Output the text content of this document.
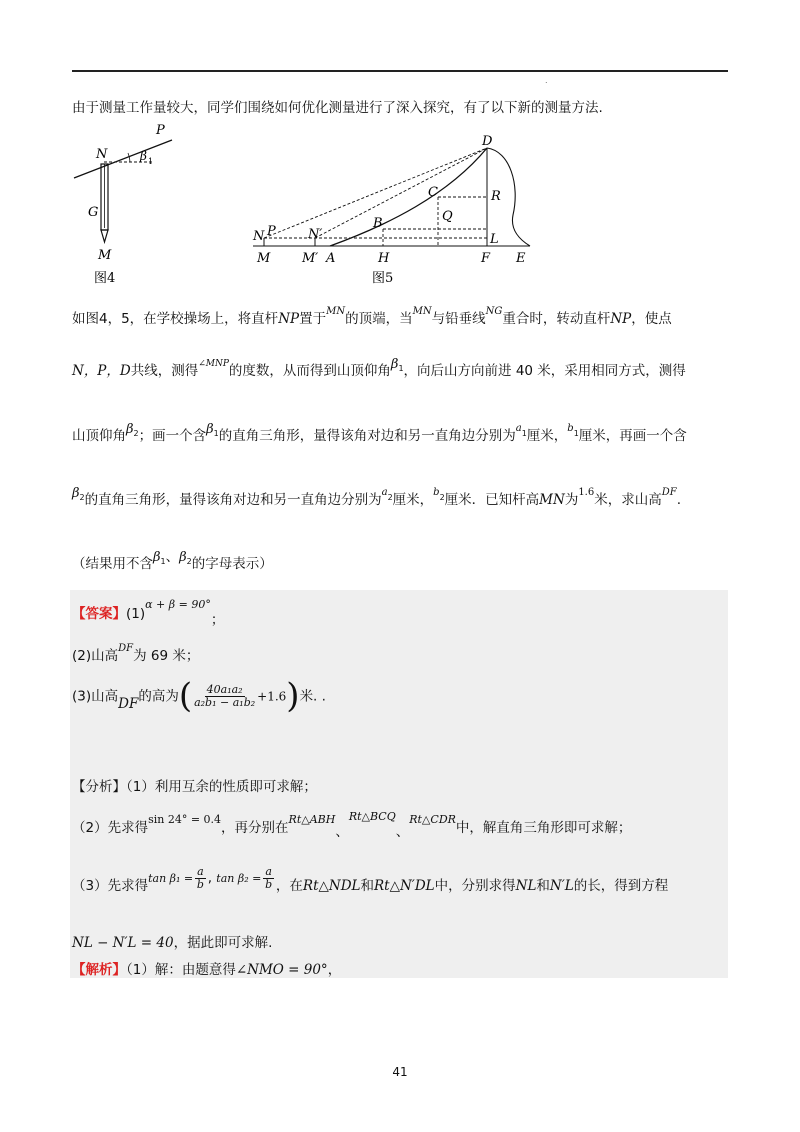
.
由于测量工作量较大，同学们围绕如何优化测量进行了深入探究，有了以下新的测量方法.
P
N	β 1
G
M
图4
D
C	R
Q
B
L
N P N′
M M′ A	H	F E
图5
如图4，5，在学校操场上，将直杆NP置于$^{MN}$的顶端，当$^{MN}$与铅垂线$^{NG}$重合时，转动直杆NP，使点
N，P，D共线，测得$^{\angle MNP}$的度数，从而得到山顶仰角$\beta^1$，向后山方向前进 40 米，采用相同方式，测得
山顶仰角$\beta^2$；画一个含$\beta^1$的直角三角形，量得该角对边和另一直角边分别为$^{a1}$厘米，$^{b1}$厘米，再画一个含
$\beta^2$的直角三角形，量得该角对边和另一直角边分别为$^{a2}$厘米，$^{b2}$厘米．已知杆高MN为$^{1.6}$米，求山高$^{DF}$.
（结果用不含$\beta^1$、$\beta^2$的字母表示）
【答案】$(1)^{\alpha + \beta = 90^\circ}$；
(2)山高$^{DF}$为 69 米；
(3)山高DF的高为( $\frac{\text{40a₁a₂}}{\text{a₂b₁ − a₁b₂}} +1.6$)米. .
【分析】（1）利用互余的性质即可求解；
（2）先求得$^{sin 24^\circ = 0.4}$，再分别在$^{Rt\triangle ABH}$、$^{Rt\triangle BCQ}$、$^{Rt\triangle CDR}$中，解直角三角形即可求解；
（3）先求得$^{tan \beta_1 =} \frac{a}{b}$ , $^{tan \beta_2 =} \frac{a}{b}$ ，在Rt△NDL和Rt△N′DL中，分别求得NL和N′L的长，得到方程
NL − N′L = 40，据此即可求解.
【解析】（1）解：由题意得∠NMO = 90°，
41
